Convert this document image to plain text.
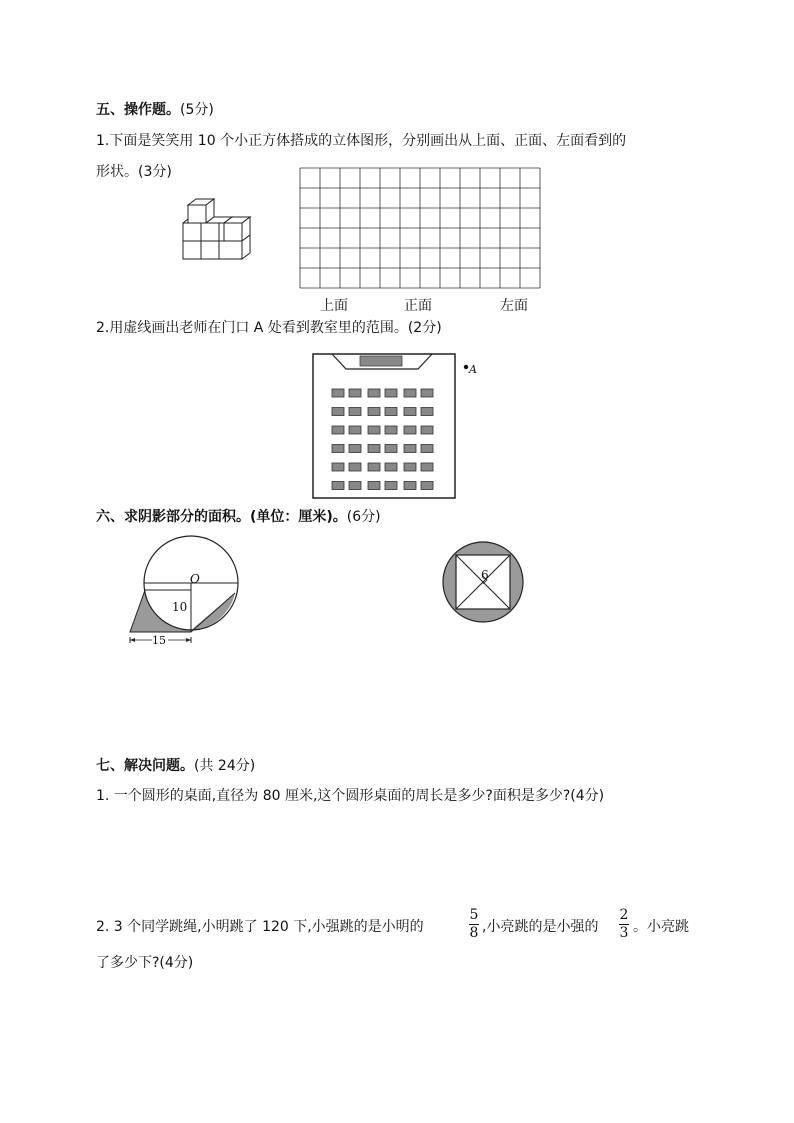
五、操作题。(5分)
1.下面是笑笑用 10 个小正方体搭成的立体图形，分别画出从上面、正面、左面看到的
形状。(3分)
上面	正面	左面
2.用虚线画出老师在门口 A 处看到教室里的范围。(2分)
A
六、求阴影部分的面积。(单位：厘米)。(6分)
O
10
15
6
七、解决问题。(共 24分)
1. 一个圆形的桌面,直径为 80 厘米,这个圆形桌面的周长是多少?面积是多少?(4分)
2. 3 个同学跳绳,小明跳了 120 下,小强跳的是小明的
5
8 ,小亮跳的是小强的
2
3 。小亮跳
了多少下?(4分)
